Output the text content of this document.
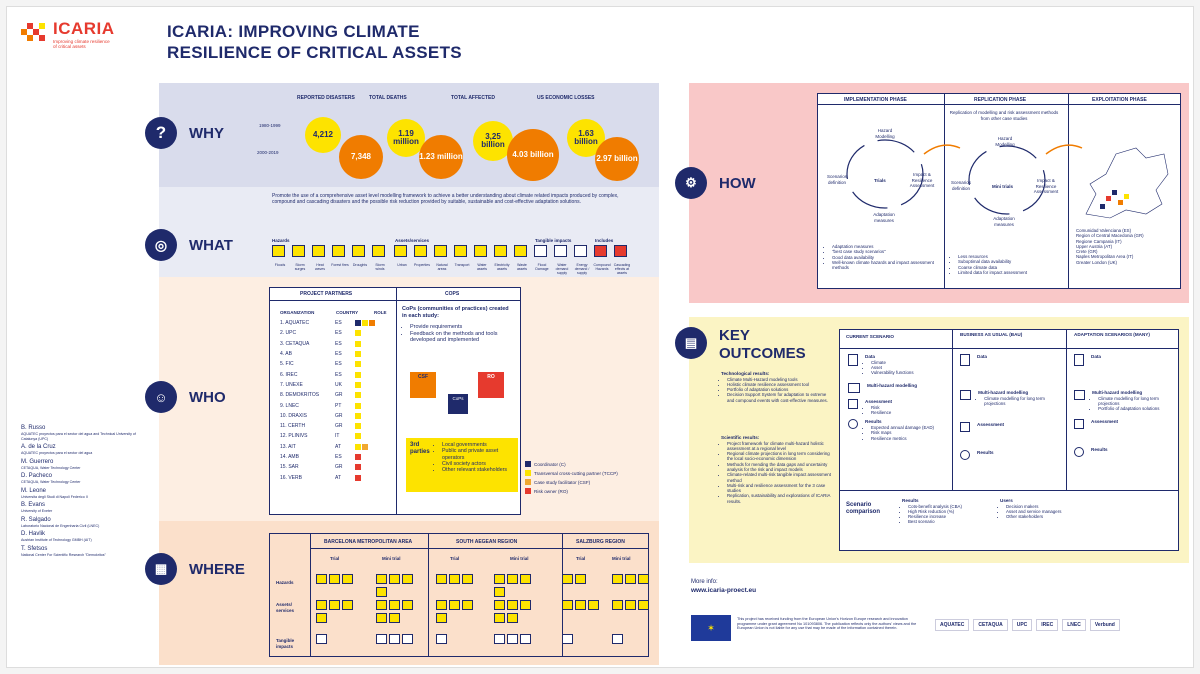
ICARIA
Improving climate resilience
of critical assets
ICARIA: IMPROVING CLIMATE
RESILIENCE OF CRITICAL ASSETS
?	WHY
REPORTED DISASTERS	TOTAL DEATHS	TOTAL AFFECTED	US ECONOMIC LOSSES
1980-1999
2000-2019
4,212
7,348
1.19 million
1.23 million
3,25 billion
4.03 billion
1.63 billion
2.97 billion
◎	WHAT
Promote the use of a comprehensive asset level modelling framework to achieve a better understanding about climate related impacts produced by complex, compound and cascading disasters and the possible risk reduction provided by suitable, sustainable and cost-effective adaptation solutions.
Hazards	Assets/services	Tangible impacts	Includes
Floods	Storm surges
Heat waves
Forest fires	Droughts	Storm winds
Urban	Properties	Natural areas
Transport	Water assets
Electricity assets
Waste assets
Flood Damage
Water demand supply
Energy demand / supply
Compound Hazards
Cascading effects at assets
☺	WHO
PROJECT PARTNERS	COPS
ORGANIZATION	COUNTRY	ROLE
1. AQUATEC	ES
2. UPC	ES
3. CETAQUA	ES
4. AB	ES
5. FIC	ES
6. IREC	ES
7. UNEXE	UK
8. DEMOKRITOS	GR
9. LNEC	PT
10. DRAXIS	GR
11. CERTH	GR
12. PLINIVS	IT
13. AIT	AT
14. AMB	ES
15. SAR	GR
16. VERB	AT
CoPs (communities of practices) created in each study:
• Provide requirements
• Feedback on the methods and tools developed and implemented
CSF	RO
CoPs
3rd parties
• Local governments
• Public and private asset operators
• Civil society actors
• Other relevant stakeholders
Coordinator (C)
Transversal cross-cutting partner (TCCP)
Case study facilitator (CSF)
Risk owner (RO)
B. Russo
AQUATEC proyectos para el sector del agua and Technical University of Catalunya (UPC)
A. de la Cruz
AQUATEC proyectos para el sector del agua
M. Guerrero
CETAQUA, Water Technology Center
D. Pacheco
CETAQUA, Water Technology Center
M. Leone
Universita degli Studi di Napoli Federico II
B. Evans
University of Exeter
R. Salgado
Laboratorio Nacional de Engenharia Civil (LNEC)
D. Havlik
Austrian Institute of Technology GMBH (AIT)
T. Sfetsos
National Center For Scientific Research "Demokritos"
▦	WHERE
BARCELONA METROPOLITAN AREA	SOUTH AEGEAN REGION	SALZBURG REGION
Trial	Mini trial	Trial	Mini trial	Trial	Mini trial
Hazards
Assets/ services
Tangible impacts
⚙	HOW
IMPLEMENTATION PHASE	REPLICATION PHASE	EXPLOITATION PHASE
Hazard Modelling
Impact & Resilience Assessment
Adaptation measures
Scenarios definition	Trials
Replication of modelling and risk assessment methods from other case studies
Hazard Modelling
Impact & Resilience Assessment
Adaptation measures
Scenarios definition	Mini trials
• Adaptation measures
• "best case study scenarios"
• Good data availability
• Well-known climate hazards and impact assessment methods
• Less resources
• Suboptimal data availability
• Coarse climate data
• Limited data for impact assessment
Comunidad Valenciana (ES)
Region of Central Macedonia (GR)
Regione Campania (IT)
Upper Austria (AT)
Crete (GR)
Naples Metropolitan Area (IT)
Greater London (UK)
▤	KEY
OUTCOMES
Technological results:
• Climate Multi-Hazard modeling tools
• Holistic climate resilience assessment tool
• Portfolio of adaptation solutions
• Decision Support System for adaptation to extreme and compound events with cost-effective measures.
Scientific results:
• Project framework for climate multi-hazard holistic assessment at a regional level
• Regional climate projections in long term considering the local socio-economic dimension
• Methods for mending the data gaps and uncertainty analysis for the risk and impact models
• Climate-related multi-risk tangible impact assessment method
• Multi-risk and resilience assessment for the 3 case studies
• Replication, sustainability and explorations of ICARIA results.
CURRENT SCENARIO	BUSINESS AS USUAL (BAU)	ADAPTATION SCENARIOS (MANY)
Data
• Climate
• Asset
• Vulnerability functions
Multi-hazard modelling
Assessment
• Risk
• Resilience
Results
• Expected annual damage (EAD)
• Risk maps
• Resilience metrics
Data
Multi-hazard modelling
• Climate modelling for long term projections
Assessment
Results
Data
Multi-hazard modelling
• Climate modelling for long term projections
• Portfolio of adaptation solutions
Assessment
Results
Scenario comparison
Results
• Cots-benefit analysis (CBA)
• High Risk reduction (%)
• Resilience increase
• Best scenario
Users
• Decision makers
• Asset and service managers
• Other stakeholders
More info:
www.icaria-proect.eu
✶
This project has received funding from the European Union's Horizon Europe research and innovation programme under grant agreement No 101093806. The publication reflects only the authors' views and the European Union is not liable for any use that may be made of the information contained therein.
AQUATEC	CETAQUA	UPC	IREC	LNEC	Verbund
